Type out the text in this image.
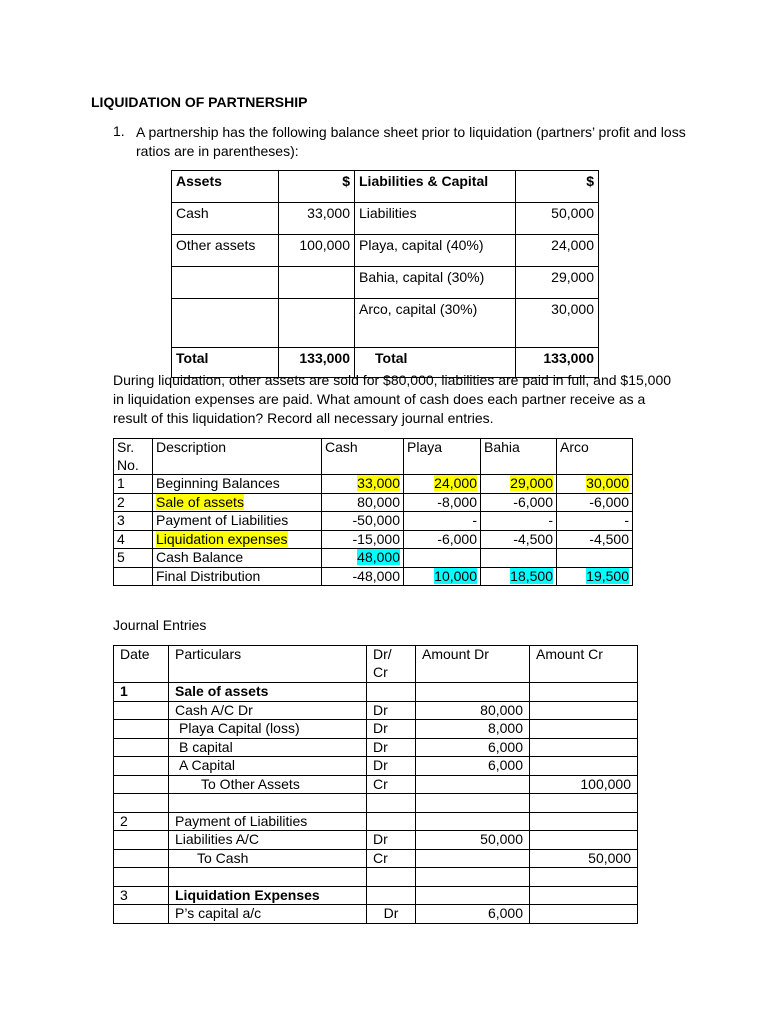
LIQUIDATION OF PARTNERSHIP
1. A partnership has the following balance sheet prior to liquidation (partners’ profit and loss ratios are in parentheses):
Assets	$	Liabilities & Capital	$
Cash	33,000	Liabilities	50,000
Other assets	100,000	Playa, capital (40%)	24,000
		Bahia, capital (30%)	29,000
		Arco, capital (30%)	30,000
Total	133,000	Total	133,000
During liquidation, other assets are sold for $80,000, liabilities are paid in full, and $15,000 in liquidation expenses are paid. What amount of cash does each partner receive as a result of this liquidation? Record all necessary journal entries.
Sr. No.	Description	Cash	Playa	Bahia	Arco
1	Beginning Balances	33,000	24,000	29,000	30,000
2	Sale of assets	80,000	-8,000	-6,000	-6,000
3	Payment of Liabilities	-50,000	-	-	-
4	Liquidation expenses	-15,000	-6,000	-4,500	-4,500
5	Cash Balance	48,000			
	Final Distribution	-48,000	10,000	18,500	19,500
Journal Entries
Date	Particulars	Dr/ Cr	Amount Dr	Amount Cr
1	Sale of assets			
	Cash A/C Dr	Dr	80,000	
	Playa Capital (loss)	Dr	8,000	
	B capital	Dr	6,000	
	A Capital	Dr	6,000	
	To Other Assets	Cr		100,000

2	Payment of Liabilities			
	Liabilities A/C	Dr	50,000	
	To Cash	Cr		50,000

3	Liquidation Expenses			
	P’s capital a/c	Dr	6,000	
